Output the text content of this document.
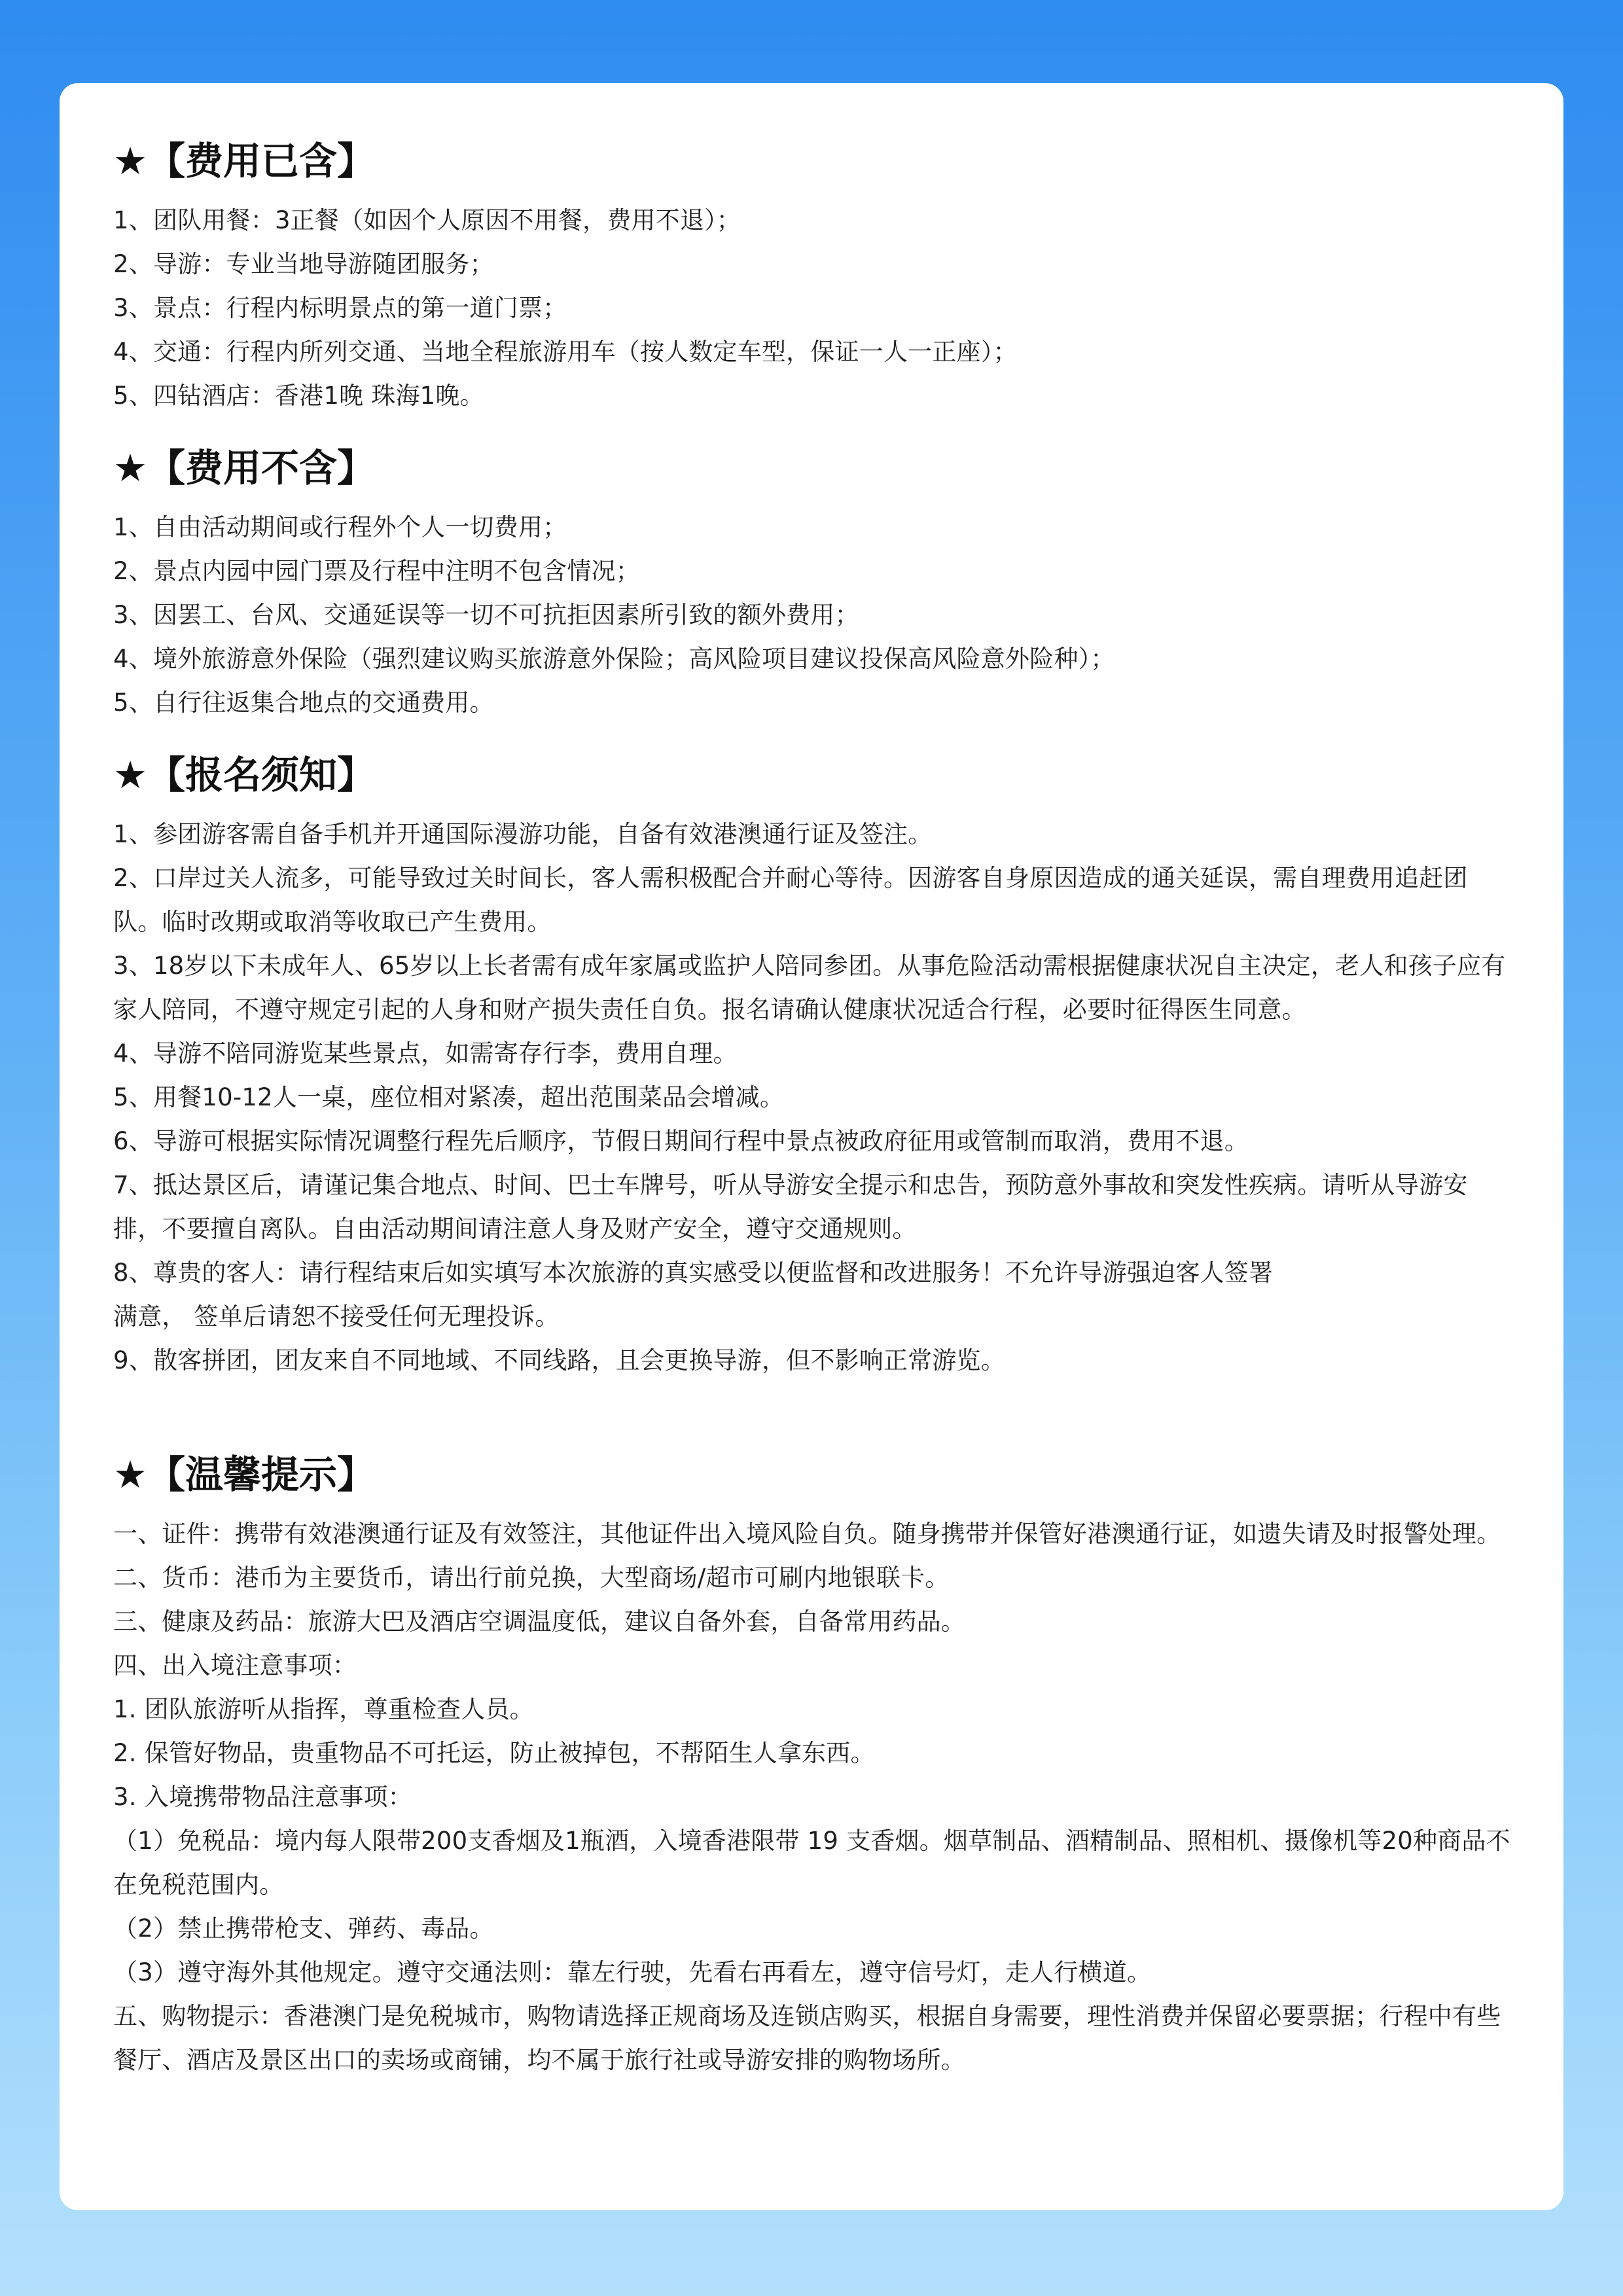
★【费用已含】
1、团队用餐：3正餐（如因个人原因不用餐，费用不退）；
2、导游：专业当地导游随团服务；
3、景点：行程内标明景点的第一道门票；
4、交通：行程内所列交通、当地全程旅游用车（按人数定车型，保证一人一正座）；
5、四钻酒店：香港1晚 珠海1晚。
★【费用不含】
1、自由活动期间或行程外个人一切费用；
2、景点内园中园门票及行程中注明不包含情况；
3、因罢工、台风、交通延误等一切不可抗拒因素所引致的额外费用；
4、境外旅游意外保险（强烈建议购买旅游意外保险；高风险项目建议投保高风险意外险种）；
5、自行往返集合地点的交通费用。
★【报名须知】
1、参团游客需自备手机并开通国际漫游功能，自备有效港澳通行证及签注。
2、口岸过关人流多，可能导致过关时间长，客人需积极配合并耐心等待。因游客自身原因造成的通关延误，需自理费用追赶团队。临时改期或取消等收取已产生费用。
3、18岁以下未成年人、65岁以上长者需有成年家属或监护人陪同参团。从事危险活动需根据健康状况自主决定，老人和孩子应有家人陪同，不遵守规定引起的人身和财产损失责任自负。报名请确认健康状况适合行程，必要时征得医生同意。
4、导游不陪同游览某些景点，如需寄存行李，费用自理。
5、用餐10-12人一桌，座位相对紧凑，超出范围菜品会增减。
6、导游可根据实际情况调整行程先后顺序，节假日期间行程中景点被政府征用或管制而取消，费用不退。
7、抵达景区后，请谨记集合地点、时间、巴士车牌号，听从导游安全提示和忠告，预防意外事故和突发性疾病。请听从导游安排，不要擅自离队。自由活动期间请注意人身及财产安全，遵守交通规则。
8、尊贵的客人：请行程结束后如实填写本次旅游的真实感受以便监督和改进服务！不允许导游强迫客人签署
满意， 签单后请恕不接受任何无理投诉。
9、散客拼团，团友来自不同地域、不同线路，且会更换导游，但不影响正常游览。
★【温馨提示】
一、证件：携带有效港澳通行证及有效签注，其他证件出入境风险自负。随身携带并保管好港澳通行证，如遗失请及时报警处理。
二、货币：港币为主要货币，请出行前兑换，大型商场/超市可刷内地银联卡。
三、健康及药品：旅游大巴及酒店空调温度低，建议自备外套，自备常用药品。
四、出入境注意事项：
1. 团队旅游听从指挥，尊重检查人员。
2. 保管好物品，贵重物品不可托运，防止被掉包，不帮陌生人拿东西。
3. 入境携带物品注意事项：
（1）免税品：境内每人限带200支香烟及1瓶酒，入境香港限带 19 支香烟。烟草制品、酒精制品、照相机、摄像机等20种商品不在免税范围内。
（2）禁止携带枪支、弹药、毒品。
（3）遵守海外其他规定。遵守交通法则：靠左行驶，先看右再看左，遵守信号灯，走人行横道。
五、购物提示：香港澳门是免税城市，购物请选择正规商场及连锁店购买，根据自身需要，理性消费并保留必要票据；行程中有些餐厅、酒店及景区出口的卖场或商铺，均不属于旅行社或导游安排的购物场所。
